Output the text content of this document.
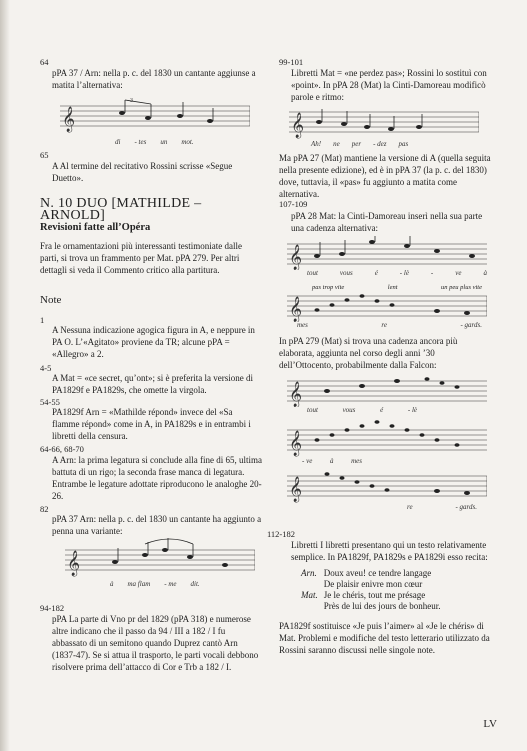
64
pPA 37 / Arn: nella p. c. del 1830 un cantante aggiunse a matita l’alternativa:
𝄞
3
di - tes un mot.
65
A Al termine del recitativo Rossini scrisse «Segue Duetto».
N. 10 DUO [MATHILDE – ARNOLD]
Revisioni fatte all’Opéra
Fra le ornamentazioni più interessanti testimoniate dalle parti, si trova un frammento per Mat. pPA 279. Per altri dettagli si veda il Commento critico alla partitura.
Note
1
A Nessuna indicazione agogica figura in A, e neppure in PA O. L’«Agitato» proviene da TR; alcune pPA = «Allegro» a 2.
4-5
A Mat = «ce secret, qu’ont»; si è preferita la versione di PA1829f e PA1829s, che omette la virgola.
54-55
PA1829f Arn = «Mathilde répond» invece del «Sa flamme répond» come in A, in PA1829s e in entrambi i libretti della censura.
64-66, 68-70
A Arn: la prima legatura si conclude alla fine di 65, ultima battuta di un rigo; la seconda frase manca di legatura. Entrambe le legature adottate riproducono le analoghe 20-26.
82
pPA 37 Arn: nella p. c. del 1830 un cantante ha aggiunto a penna una variante:
𝄞
à ma flam - me dit.
94-182
pPA La parte di Vno pr del 1829 (pPA 318) e numerose altre indicano che il passo da 94 / III a 182 / I fu abbassato di un semitono quando Duprez cantò Arn (1837-47). Se si attua il trasporto, le parti vocali debbono risolvere prima dell’attacco di Cor e Trb a 182 / I.
99-101
Libretti Mat = «ne perdez pas»; Rossini lo sostituì con «point». In pPA 28 (Mat) la Cinti-Damoreau modificò parole e ritmo:
𝄞
Ah! ne per - dez pas
Ma pPA 27 (Mat) mantiene la versione di A (quella seguita nella presente edizione), ed è in pPA 37 (la p. c. del 1830) dove, tuttavia, il «pas» fu aggiunto a matita come alternativa.
107-109
pPA 28 Mat: la Cinti-Damoreau inserì nella sua parte una cadenza alternativa:
𝄞
tout	vous	é	- lè	-	ve	à
pas trop vite	lent	un peu plus vite
𝄞
mes	re	- gards.
In pPA 279 (Mat) si trova una cadenza ancora più elaborata, aggiunta nel corso degli anni ’30 dell’Ottocento, probabilmente dalla Falcon:
𝄞
tout	vous	é	- lè
𝄞
- ve	à	mes
𝄞
re	- gards.
112-182
Libretti I libretti presentano qui un testo relativamente semplice. In PA1829f, PA1829s e PA1829i esso recita:
Arn.	Doux aveu! ce tendre langage
	De plaisir enivre mon cœur
Mat.	Je le chéris, tout me présage
	Près de lui des jours de bonheur.
PA1829f sostituisce «Je puis l’aimer» al «Je le chéris» di Mat. Problemi e modifiche del testo letterario utilizzato da Rossini saranno discussi nelle singole note.
LV
